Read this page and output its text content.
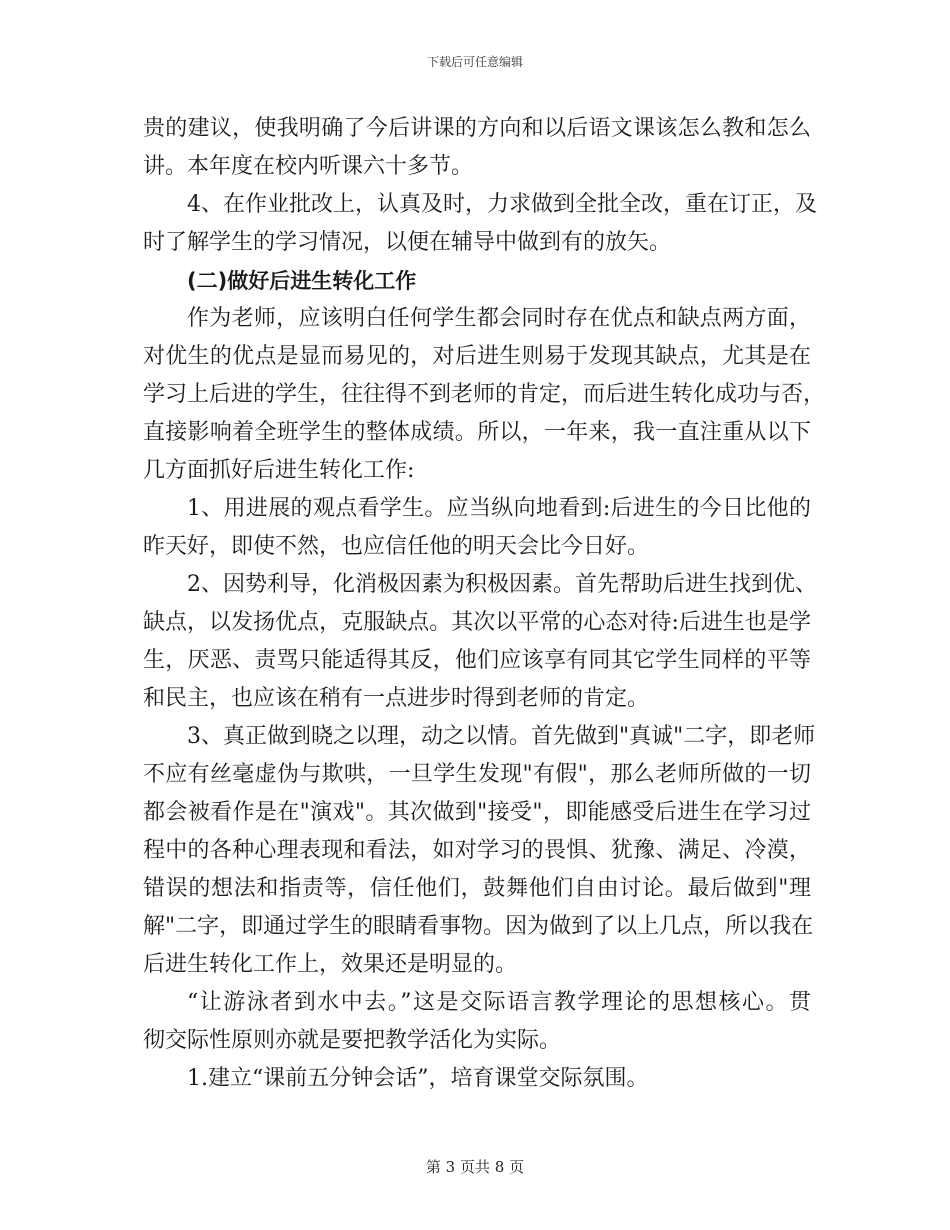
下载后可任意编辑
贵的建议，使我明确了今后讲课的方向和以后语文课该怎么教和怎么
讲。本年度在校内听课六十多节。
4、在作业批改上，认真及时，力求做到全批全改，重在订正，及
时了解学生的学习情况，以便在辅导中做到有的放矢。
(二)做好后进生转化工作
作为老师，应该明白任何学生都会同时存在优点和缺点两方面，
对优生的优点是显而易见的，对后进生则易于发现其缺点，尤其是在
学习上后进的学生，往往得不到老师的肯定，而后进生转化成功与否，
直接影响着全班学生的整体成绩。所以，一年来，我一直注重从以下
几方面抓好后进生转化工作:
1、用进展的观点看学生。应当纵向地看到:后进生的今日比他的
昨天好，即使不然，也应信任他的明天会比今日好。
2、因势利导，化消极因素为积极因素。首先帮助后进生找到优、
缺点，以发扬优点，克服缺点。其次以平常的心态对待:后进生也是学
生，厌恶、责骂只能适得其反，他们应该享有同其它学生同样的平等
和民主，也应该在稍有一点进步时得到老师的肯定。
3、真正做到晓之以理，动之以情。首先做到"真诚"二字，即老师
不应有丝毫虚伪与欺哄，一旦学生发现"有假"，那么老师所做的一切
都会被看作是在"演戏"。其次做到"接受"，即能感受后进生在学习过
程中的各种心理表现和看法，如对学习的畏惧、犹豫、满足、冷漠，
错误的想法和指责等，信任他们，鼓舞他们自由讨论。最后做到"理
解"二字，即通过学生的眼睛看事物。因为做到了以上几点，所以我在
后进生转化工作上，效果还是明显的。
“让游泳者到水中去。”这是交际语言教学理论的思想核心。贯
彻交际性原则亦就是要把教学活化为实际。
1.建立“课前五分钟会话”，培育课堂交际氛围。
第 3 页共 8 页
